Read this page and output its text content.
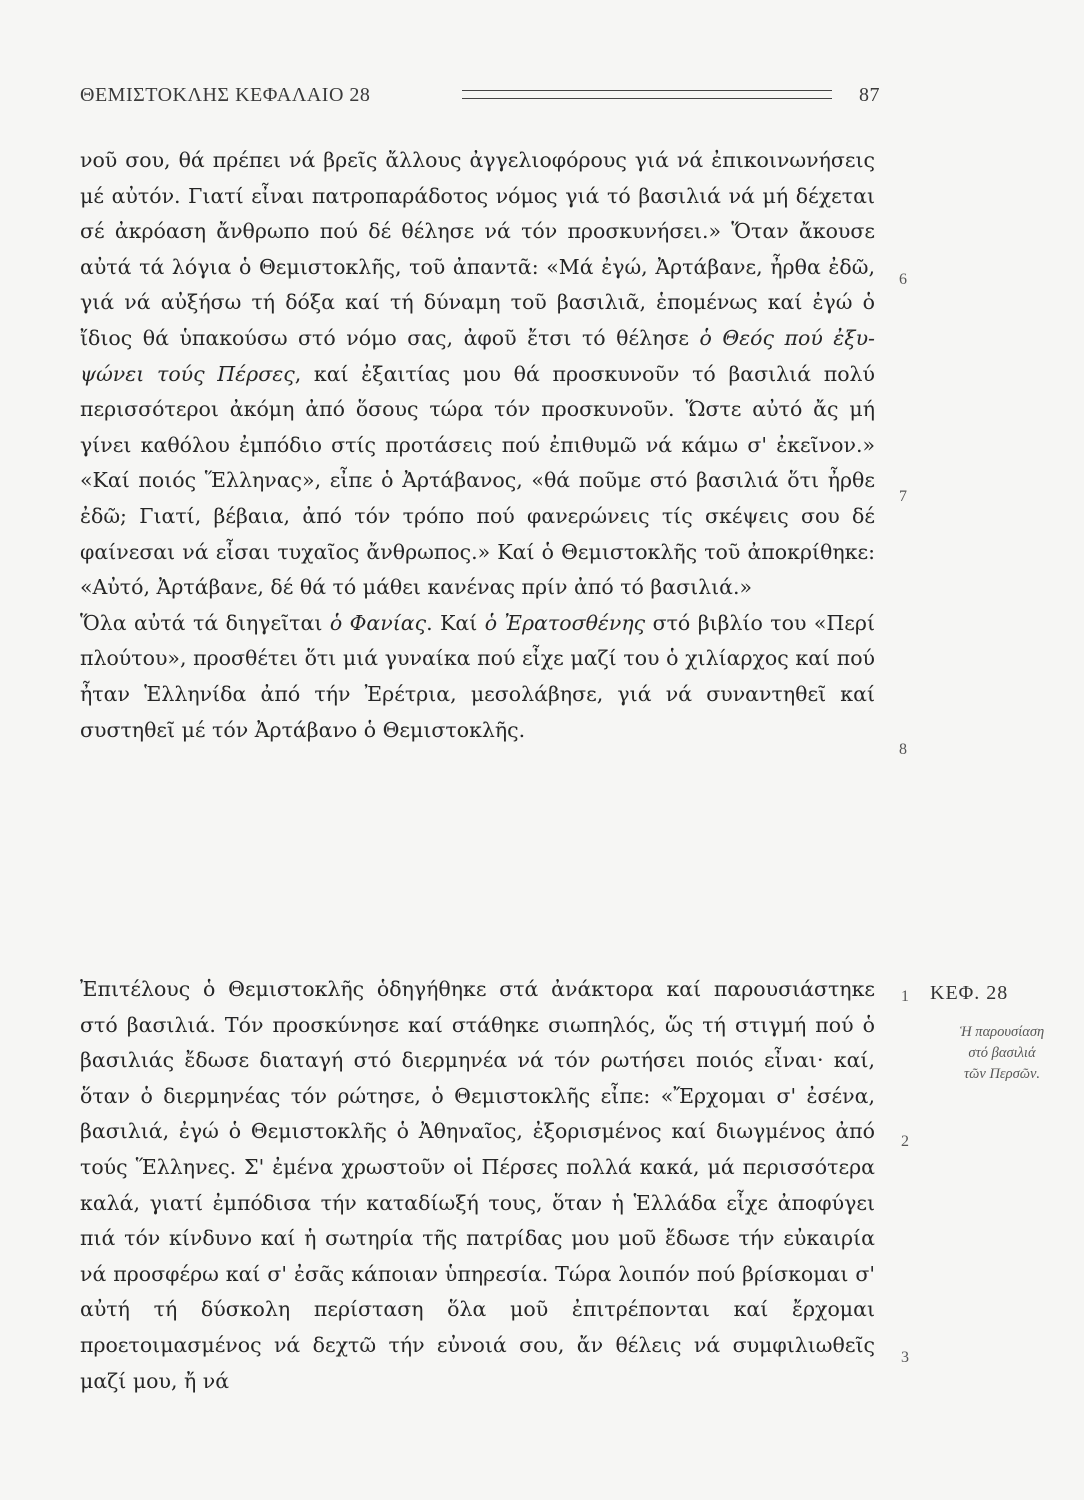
ΘΕΜΙΣΤΟΚΛΗΣ ΚΕΦΑΛΑΙΟ 28	87

νοῦ σου, θά πρέπει νά βρεῖς ἄλλους ἀγγελιοφόρους γιά νά ἐπικοινωνήσεις μέ αὐτόν. Γιατί εἶναι πατροπαράδοτος νόμος γιά τό βασιλιά νά μή δέχεται σέ ἀκρόαση ἄνθρωπο πού δέ θέλησε νά τόν προσκυνήσει.» Ὅταν ἄκουσε αὐτά τά λόγια ὁ Θεμιστοκλῆς, τοῦ ἀπαντᾶ: «Μά ἐγώ, Ἀρτάβανε, ἦρθα ἐδῶ, γιά νά αὐξήσω τή δόξα καί τή δύναμη τοῦ βασιλιᾶ, ἑπομένως καί ἐγώ ὁ ἴδιος θά ὑπακούσω στό νόμο σας, ἀφοῦ ἔτσι τό θέλησε ὁ Θεός πού ἐξυψώνει τούς Πέρσες, καί ἐξαιτίας μου θά προσκυνοῦν τό βασιλιά πολύ περισσότεροι ἀκόμη ἀπό ὅσους τώρα τόν προσκυνοῦν. Ὥστε αὐτό ἄς μή γίνει καθόλου ἐμπόδιο στίς προτάσεις πού ἐπιθυμῶ νά κάμω σ' ἐκεῖνον.» «Καί ποιός Ἕλληνας», εἶπε ὁ Ἀρτάβανος, «θά ποῦμε στό βασιλιά ὅτι ἦρθε ἐδῶ; Γιατί, βέβαια, ἀπό τόν τρόπο πού φανερώνεις τίς σκέψεις σου δέ φαίνεσαι νά εἶσαι τυχαῖος ἄνθρωπος.» Καί ὁ Θεμιστοκλῆς τοῦ ἀποκρίθηκε: «Αὐτό, Ἀρτάβανε, δέ θά τό μάθει κανένας πρίν ἀπό τό βασιλιά.»

Ὅλα αὐτά τά διηγεῖται ὁ Φανίας. Καί ὁ Ἐρατοσθένης στό βιβλίο του «Περί πλούτου», προσθέτει ὅτι μιά γυναίκα πού εἶχε μαζί του ὁ χιλίαρχος καί πού ἦταν Ἑλληνίδα ἀπό τήν Ἐρέτρια, μεσολάβησε, γιά νά συναντηθεῖ καί συστηθεῖ μέ τόν Ἀρτάβανο ὁ Θεμιστοκλῆς.

Ἐπιτέλους ὁ Θεμιστοκλῆς ὁδηγήθηκε στά ἀνάκτορα καί παρουσιάστηκε στό βασιλιά. Τόν προσκύνησε καί στάθηκε σιωπηλός, ὥς τή στιγμή πού ὁ βασιλιάς ἔδωσε διαταγή στό διερμηνέα νά τόν ρωτήσει ποιός εἶναι· καί, ὅταν ὁ διερμηνέας τόν ρώτησε, ὁ Θεμιστοκλῆς εἶπε: «Ἔρχομαι σ' ἐσένα, βασιλιά, ἐγώ ὁ Θεμιστοκλῆς ὁ Ἀθηναῖος, ἐξορισμένος καί διωγμένος ἀπό τούς Ἕλληνες. Σ' ἐμένα χρωστοῦν οἱ Πέρσες πολλά κακά, μά περισσότερα καλά, γιατί ἐμπόδισα τήν καταδίωξή τους, ὅταν ἡ Ἑλλάδα εἶχε ἀποφύγει πιά τόν κίνδυνο καί ἡ σωτηρία τῆς πατρίδας μου μοῦ ἔδωσε τήν εὐκαιρία νά προσφέρω καί σ' ἐσᾶς κάποιαν ὑπηρεσία. Τώρα λοιπόν πού βρίσκομαι σ' αὐτή τή δύσκολη περίσταση ὅλα μοῦ ἐπιτρέπονται καί ἔρχομαι προετοιμασμένος νά δεχτῶ τήν εὐνοιά σου, ἄν θέλεις νά συμφιλιωθεῖς μαζί μου, ἤ νά

6
7
8
1
2
3
ΚΕΦ. 28
Ἡ παρουσίαση
στό βασιλιά
τῶν Περσῶν.
